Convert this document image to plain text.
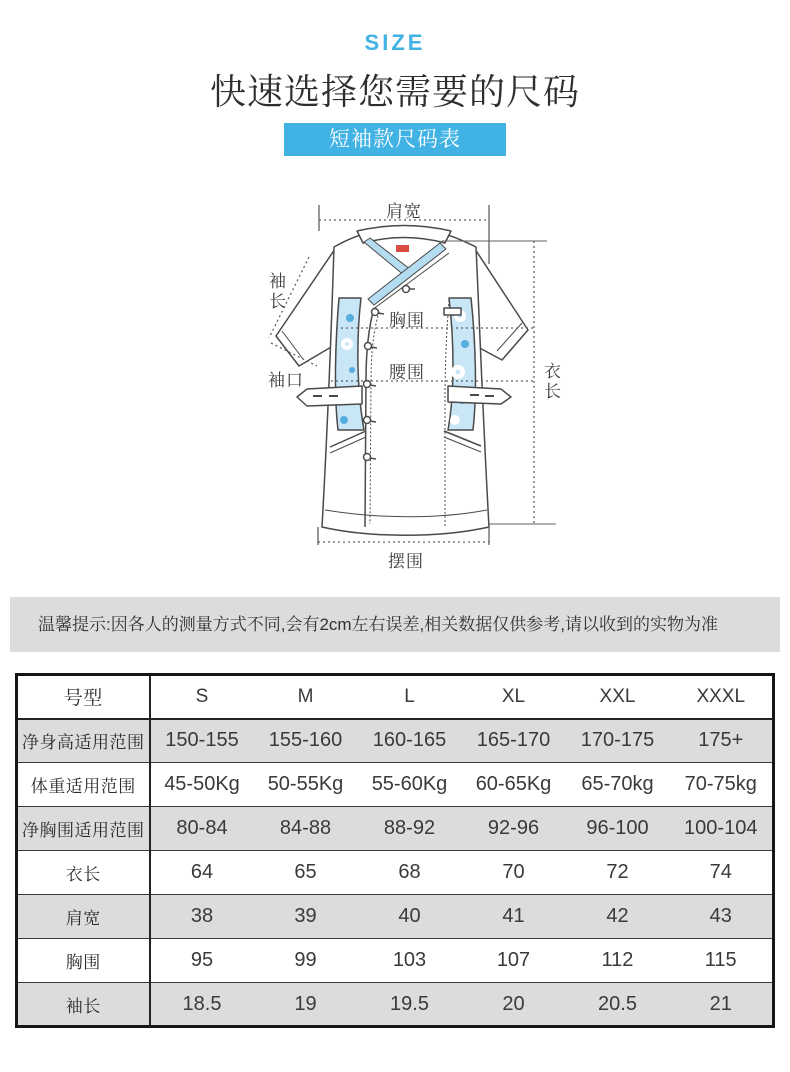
SIZE
快速选择您需要的尺码
短袖款尺码表
肩宽
袖长
胸围
袖口	腰围	衣长
摆围
温馨提示:因各人的测量方式不同,会有2cm左右误差,相关数据仅供参考,请以收到的实物为准
号型	S	M	L	XL	XXL	XXXL
净身高适用范围	150-155	155-160	160-165	165-170	170-175	175+
体重适用范围	45-50Kg	50-55Kg	55-60Kg	60-65Kg	65-70kg	70-75kg
净胸围适用范围	80-84	84-88	88-92	92-96	96-100	100-104
衣长	64	65	68	70	72	74
肩宽	38	39	40	41	42	43
胸围	95	99	103	107	112	115
袖长	18.5	19	19.5	20	20.5	21
